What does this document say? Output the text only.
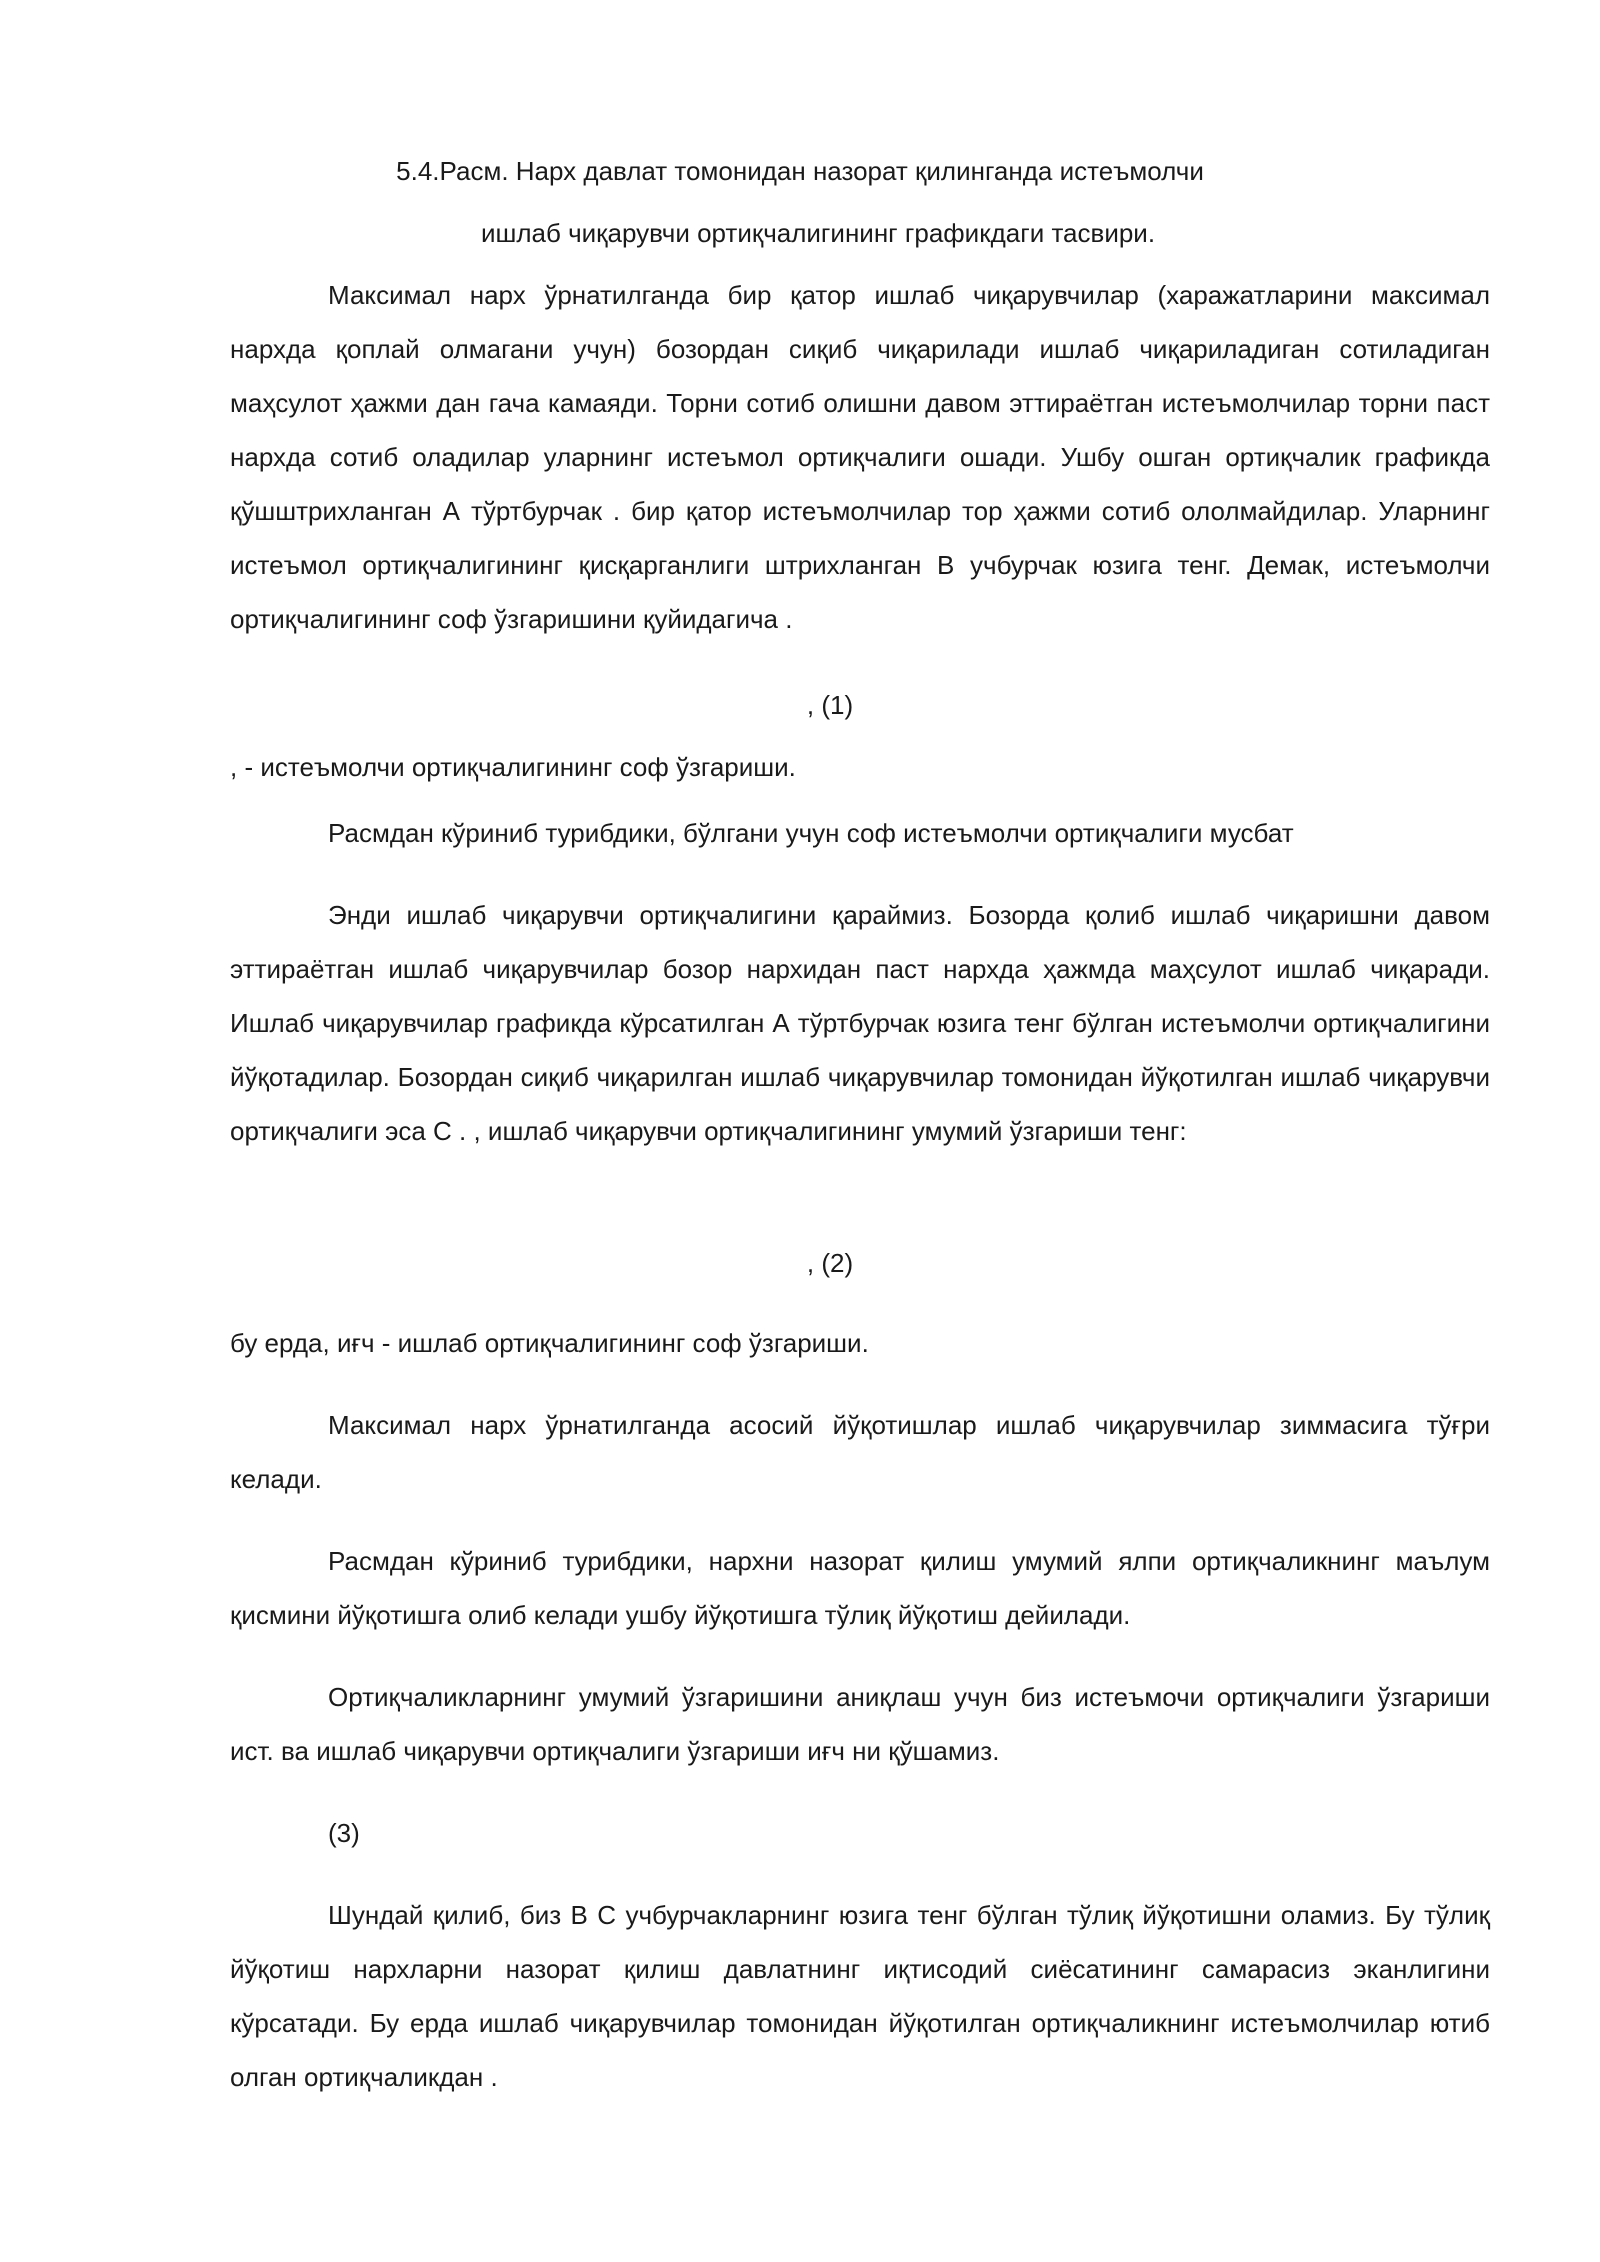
5.4.Расм. Нарх давлат томонидан назорат қилинганда истеъмолчи
ишлаб чиқарувчи ортиқчалигининг графикдаги тасвири.

Максимал нарх ўрнатилганда бир қатор ишлаб чиқарувчилар (харажатларини максимал нархда қоплай олмагани учун) бозордан сиқиб чиқарилади ишлаб чиқариладиган сотиладиган маҳсулот ҳажми дан гача камаяди. Торни сотиб олишни давом эттираётган истеъмолчилар торни паст нархда сотиб оладилар уларнинг истеъмол ортиқчалиги ошади. Ушбу ошган ортиқчалик графикда қўшштрихланган А тўртбурчак . бир қатор истеъмолчилар тор ҳажми сотиб ололмайдилар. Уларнинг истеъмол ортиқчалигининг қисқарганлиги штрихланган В учбурчак юзига тенг. Демак, истеъмолчи ортиқчалигининг соф ўзгаришини қуйидагича .

, (1)

, - истеъмолчи ортиқчалигининг соф ўзгариши.

Расмдан кўриниб турибдики, бўлгани учун соф истеъмолчи ортиқчалиги мусбат

Энди ишлаб чиқарувчи ортиқчалигини қараймиз. Бозорда қолиб ишлаб чиқаришни давом эттираётган ишлаб чиқарувчилар бозор нархидан паст нархда ҳажмда маҳсулот ишлаб чиқаради. Ишлаб чиқарувчилар графикда кўрсатилган А тўртбурчак юзига тенг бўлган истеъмолчи ортиқчалигини йўқотадилар. Бозордан сиқиб чиқарилган ишлаб чиқарувчилар томонидан йўқотилган ишлаб чиқарувчи ортиқчалиги эса С . , ишлаб чиқарувчи ортиқчалигининг умумий ўзгариши тенг:

, (2)

бу ерда, иғч - ишлаб ортиқчалигининг соф ўзгариши.

Максимал нарх ўрнатилганда асосий йўқотишлар ишлаб чиқарувчилар зиммасига тўғри келади.

Расмдан кўриниб турибдики, нархни назорат қилиш умумий ялпи ортиқчаликнинг маълум қисмини йўқотишга олиб келади ушбу йўқотишга тўлиқ йўқотиш дейилади.

Ортиқчаликларнинг умумий ўзгаришини аниқлаш учун биз истеъмочи ортиқчалиги ўзгариши ист. ва ишлаб чиқарувчи ортиқчалиги ўзгариши иғч ни қўшамиз.

(3)

Шундай қилиб, биз В С учбурчакларнинг юзига тенг бўлган тўлиқ йўқотишни оламиз. Бу тўлиқ йўқотиш нархларни назорат қилиш давлатнинг иқтисодий сиёсатининг самарасиз эканлигини кўрсатади. Бу ерда ишлаб чиқарувчилар томонидан йўқотилган ортиқчаликнинг истеъмолчилар ютиб олган ортиқчаликдан .
